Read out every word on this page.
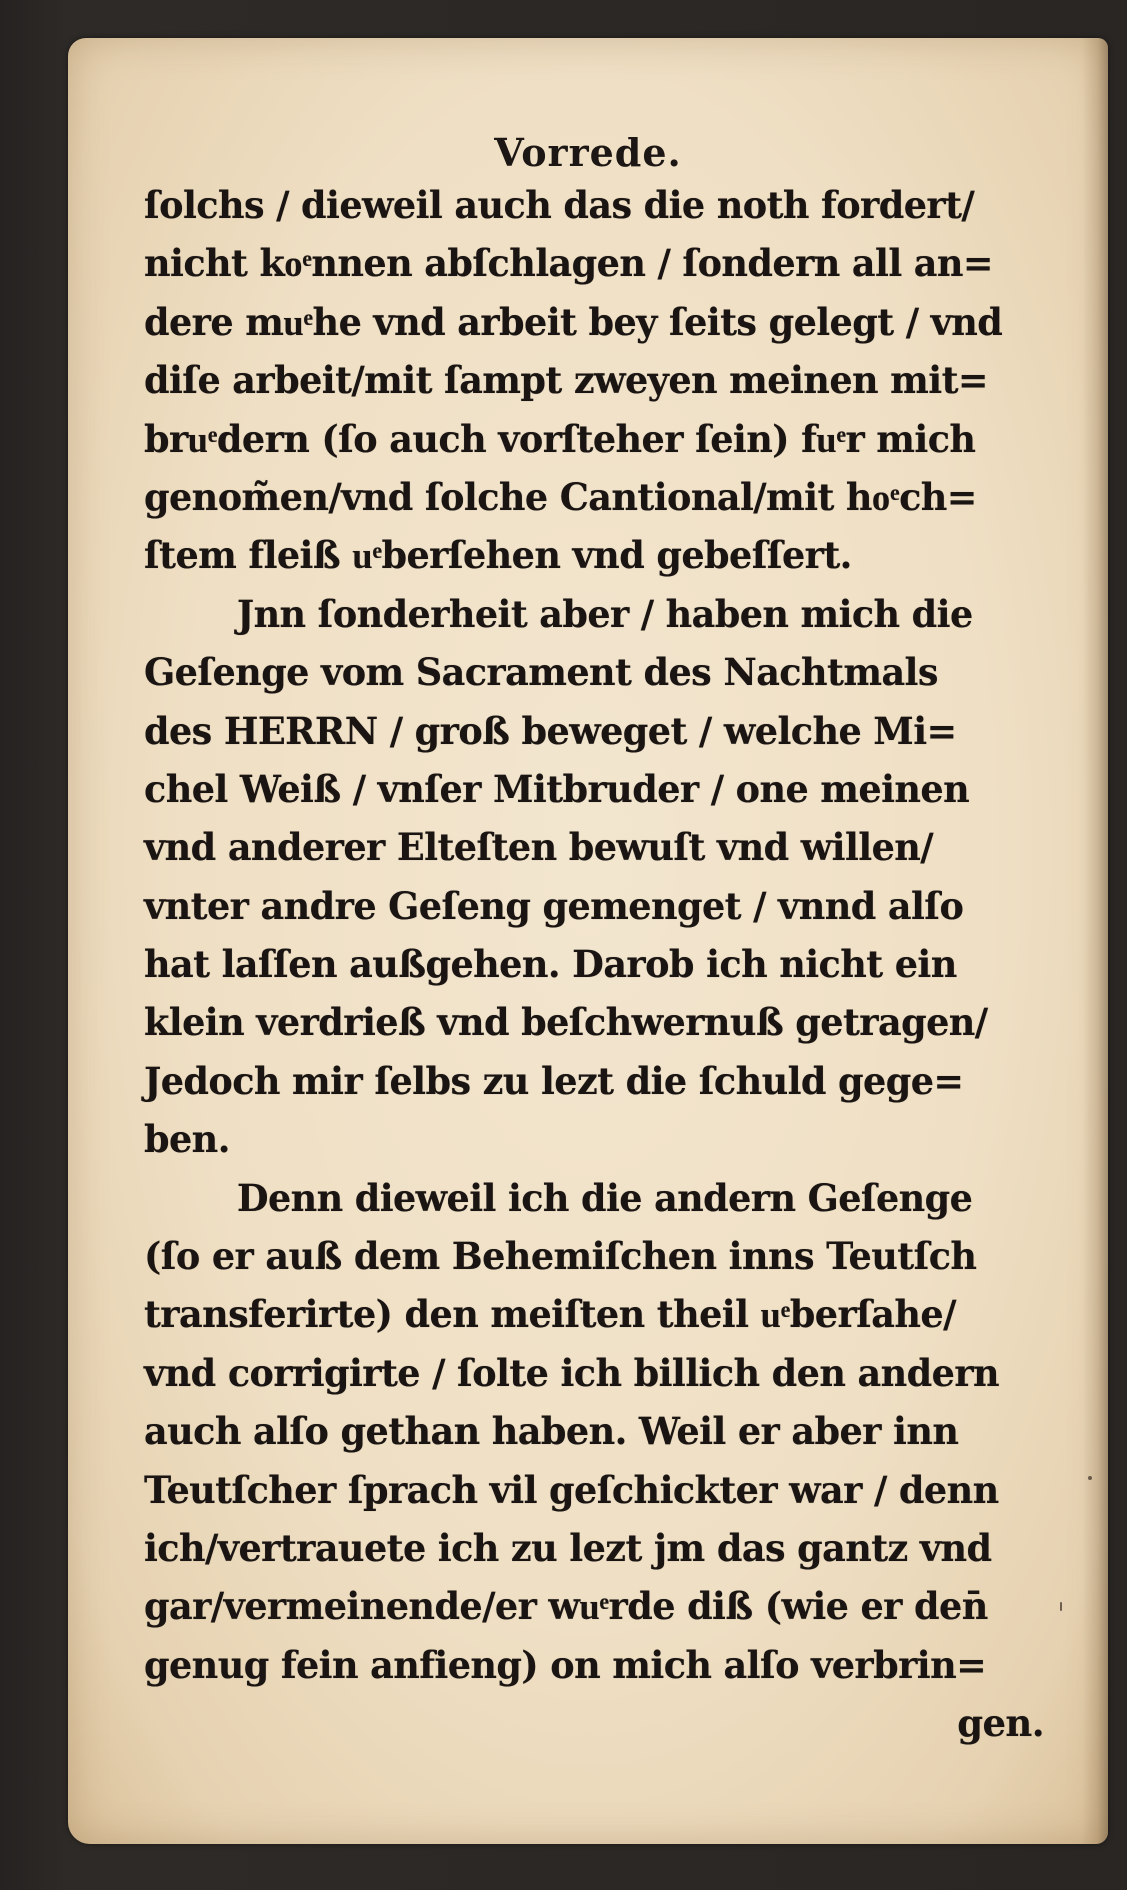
Vorrede.
ſolchs / dieweil auch das die noth fordert/
nicht koͤnnen abſchlagen / ſondern all an=
dere muͤhe vnd arbeit bey ſeits gelegt / vnd
diſe arbeit/mit ſampt zweyen meinen mit=
bruͤdern (ſo auch vorſteher ſein) fuͤr mich
genom̃en/vnd ſolche Cantional/mit hoͤch=
ſtem fleiß uͤberſehen vnd gebeſſert.
Jnn ſonderheit aber / haben mich die
Geſenge vom Sacrament des Nachtmals
des HERRN / groß beweget / welche Mi=
chel Weiß / vnſer Mitbruder / one meinen
vnd anderer Elteſten bewuſt vnd willen/
vnter andre Geſeng gemenget / vnnd alſo
hat laſſen außgehen. Darob ich nicht ein
klein verdrieß vnd beſchwernuß getragen/
Jedoch mir ſelbs zu lezt die ſchuld gege=
ben.
Denn dieweil ich die andern Geſenge
(ſo er auß dem Behemiſchen inns Teutſch
transferirte) den meiſten theil uͤberſahe/
vnd corrigirte / ſolte ich billich den andern
auch alſo gethan haben. Weil er aber inn
Teutſcher ſprach vil geſchickter war / denn
ich/vertrauete ich zu lezt jm das gantz vnd
gar/vermeinende/er wuͤrde diß (wie er den̄
genug fein anfieng) on mich alſo verbrin=
gen.
